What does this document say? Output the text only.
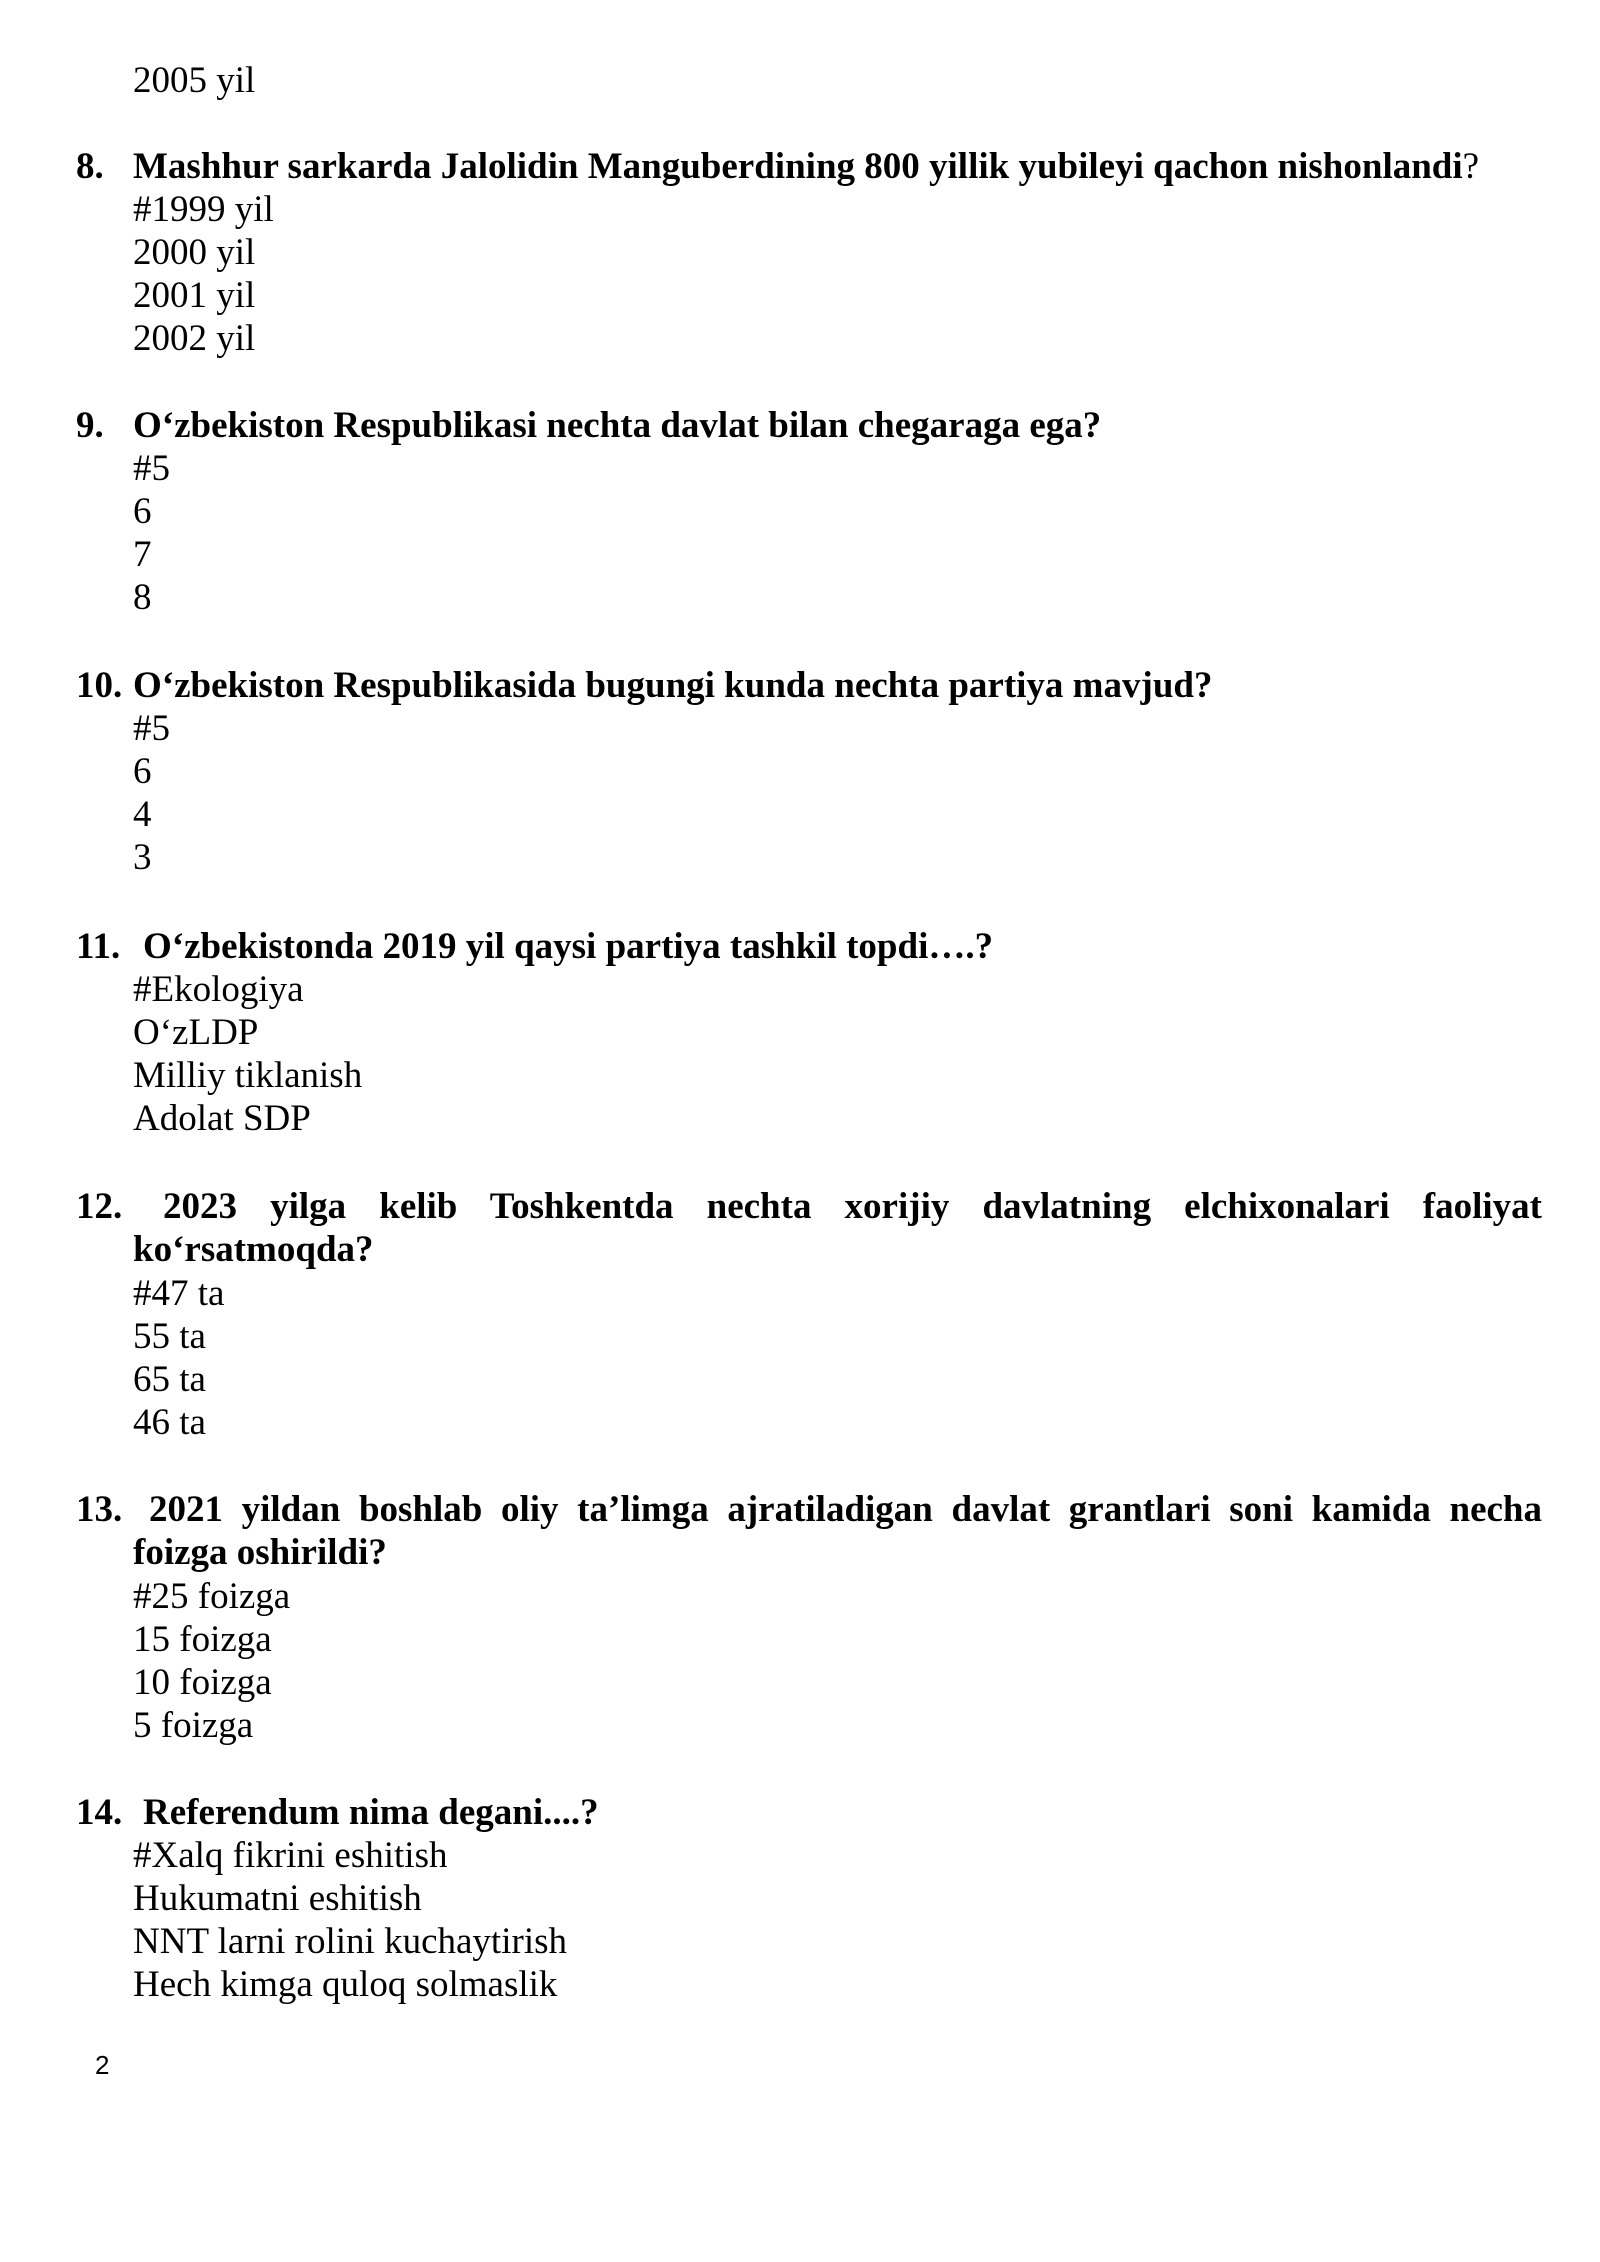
2005 yil
8. Mashhur sarkarda Jalolidin Manguberdining 800 yillik yubileyi qachon nishonlandi?
#1999 yil
2000 yil
2001 yil
2002 yil
9. O‘zbekiston Respublikasi nechta davlat bilan chegaraga ega?
#5
6
7
8
10. O‘zbekiston Respublikasida bugungi kunda nechta partiya mavjud?
#5
6
4
3
11. O‘zbekistonda 2019 yil qaysi partiya tashkil topdi….?
#Ekologiya
O‘zLDP
Milliy tiklanish
Adolat SDP
12.	2023 yilga kelib Toshkentda nechta xorijiy davlatning elchixonalari faoliyat ko‘rsatmoqda?
#47 ta
55 ta
65 ta
46 ta
13. 2021 yildan boshlab oliy ta’limga ajratiladigan davlat grantlari soni kamida necha foizga oshirildi?
#25 foizga
15 foizga
10 foizga
5 foizga
14. Referendum nima degani....?
#Xalq fikrini eshitish
Hukumatni eshitish
NNT larni rolini kuchaytirish
Hech kimga quloq solmaslik
2
